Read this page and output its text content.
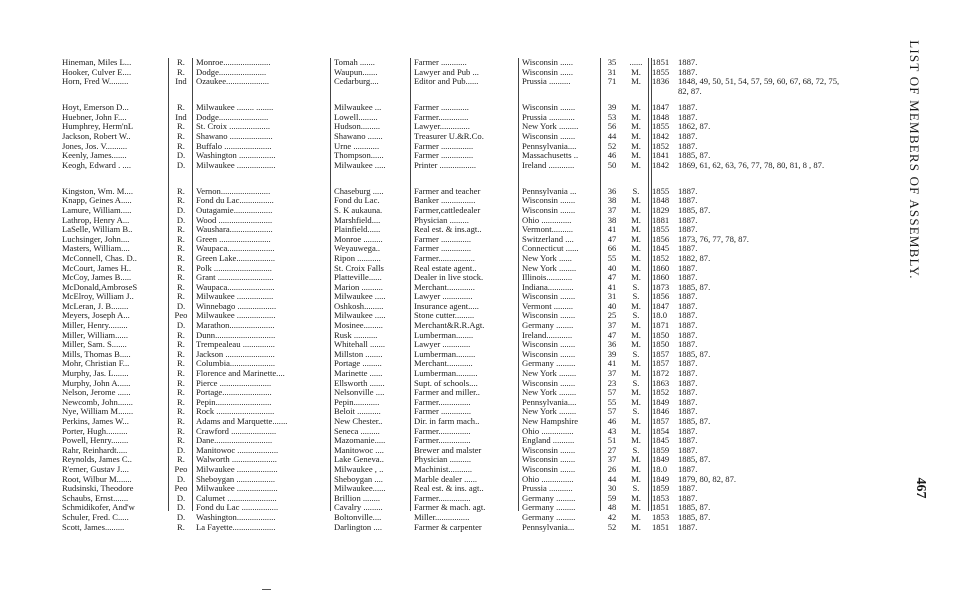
Hineman, Miles L...	R.	Monroe......................	Tomah .......	Farmer ............	Wisconsin ......	35	......	1851	1887.
Hooker, Culver E....	R.	Dodge......................	Waupun.......	Lawyer and Pub ...	Wisconsin ......	31	M.	1855	1887.
Horn, Fred W.........	Ind	Ozaukee....................	Cedarburg....	Editor and Pub......	Prussia ..........	71	M.	1836	1848, 49, 50, 51, 54, 57, 59, 60, 67, 68, 72, 75, 82, 87.
Hoyt, Emerson D...	R.	Milwaukee ........ ........	Milwaukee ...	Farmer .............	Wisconsin .......	39	M.	1847	1887.
Huebner, John F....	Ind	Dodge.......................	Lowell.........	Farmer..............	Prussia ............	53	M.	1848	1887.
Humphrey, Herm'nL	R.	St. Croix ...................	Hudson.........	Lawyer..............	New York .........	56	M.	1855	1862, 87.
Jackson, Robert W..	R.	Shawano ....................	Shawano .......	Treasurer U.&R.Co.	Wisconsin .......	44	M.	1842	1887.
Jones, Jos. V..........	R.	Buffalo ......................	Urne ............	Farmer ...............	Pennsylvania....	52	M.	1852	1887.
Keenly, James.......	D.	Washington .................	Thompson......	Farmer ...............	Massachusetts ..	46	M.	1841	1885, 87.
Keogh, Edward . ....	D.	Milwaukee ..................	Milwaukee .....	Printer .................	Ireland ............	50	M.	1842	1869, 61, 62, 63, 76, 77, 78, 80, 81, 8 , 87.
Kingston, Wm. M....	R.	Vernon.......................	Chaseburg .....	Farmer and teacher	Pennsylvania ...	36	S.	1855	1887.
Knapp, Geines A.....	R.	Fond du Lac................	Fond du Lac.	Banker ................	Wisconsin .......	38	M.	1848	1887.
Lamure, William.....	D.	Outagamie..................	S. K aukauna.	Farmer,cattledealer	Wisconsin .......	37	M.	1829	1885, 87.
Lathrop, Henry A...	D.	Wood .........................	Marshfield....	Physician .........	Ohio ..............	38	M.	1881	1887.
LaSelle, William B..	R.	Waushara....................	Plainfield......	Real est. & ins.agt..	Vermont..........	41	M.	1855	1887.
Luchsinger, John....	R.	Green ........................	Monroe .........	Farmer ..............	Switzerland ....	47	M.	1856	1873, 76, 77, 78, 87.
Masters, William....	R.	Waupaca......................	Weyauwega..	Farmer ..............	Connecticut ......	66	M.	1845	1887.
McConnell, Chas. D..	R.	Green Lake..................	Ripon ...........	Farmer.................	New York ......	55	M.	1852	1882, 87.
McCourt, James H..	R.	Polk ...........................	St. Croix Falls	Real estate agent..	New York ........	40	M.	1860	1887.
McCoy, James B.....	R.	Grant ..........................	Platteville......	Dealer in live stock.	Illinois............	47	M.	1860	1887.
McDonald,AmbroseS	R.	Waupaca......................	Marion ..........	Merchant.............	Indiana............	41	S.	1873	1885, 87.
McElroy, William J..	R.	Milwaukee .................	Milwaukee .....	Lawyer ..............	Wisconsin .......	31	S.	1856	1887.
McLeran, J. B........	D.	Winnebago ..................	Oshkosh.........	Insurance agent.....	Vermont .........	40	M.	1847	1887.
Meyers, Joseph A...	Peo Milwaukee ..................	Milwaukee .....	Stone cutter.........	Wisconsin .......	25	S.	18.0	1887.
Miller, Henry.........	D.	Marathon.....................	Mosinee.........	Merchant&R.R.Agt.	Germany ........	37	M.	1871	1887.
Miller, William......	R.	Dunn............................	Rusk ...........	Lumberman........	Ireland............	47	M.	1850	1887.
Miller, Sam. S.......	R.	Trempealeau ...............	Whitehall .......	Lawyer .............	Wisconsin .......	36	M.	1850	1887.
Mills, Thomas B.....	R.	Jackson .......................	Millston ........	Lumberman.........	Wisconsin .......	39	S.	1857	1885, 87.
Mohr, Christian F...	R.	Columbia.....................	Portage .........	Merchant............	Germany .........	41	M.	1857	1887.
Murphy, Jas. L.......	R.	Florence and Marinette....	Marinette ......	Lumberman..........	New York ........	37	M.	1872	1887.
Murphy, John A......	R.	Pierce ........................	Ellsworth .......	Supt. of schools....	Wisconsin .......	23	S.	1863	1887.
Nelson, Jerome ......	R.	Portage.......................	Nelsonville ....	Farmer and miller..	New York ........	57	M.	1852	1887.
Newcomb, John.......	R.	Pepin..........................	Pepin............	Farmer...............	Pennsylvania....	55	M.	1849	1887.
Nye, William M.......	R.	Rock ...........................	Beloit ...........	Farmer ..............	New York ........	57	S.	1846	1887.
Perkins, James W...	R.	Adams and Marquette.......	New Chester..	Dir. in farm mach..	New Hampshire	46	M.	1857	1885, 87.
Porter, Hugh..........	R.	Crawford .....................	Seneca .........	Farmer...............	Ohio ...............	43	M.	1854	1887.
Powell, Henry........	R.	Dane...........................	Mazomanie.....	Farmer...............	England ..........	51	M.	1845	1887.
Rahr, Reinhardt.....	D.	Manitowoc ...................	Manitowoc ....	Brewer and malster	Wisconsin .......	27	S.	1859	1887.
Reynolds, James C..	R.	Walworth .....................	Lake Geneva..	Physician ..........	Wisconsin .......	37	M.	1849	1885, 87.
R'emer, Gustav J....	Peo Milwaukee ...................	Milwaukee , ..	Machinist...........	Wisconsin .......	26	M.	18.0	1887.
Root, Wilbur M.......	D.	Sheboygan ..................	Sheboygan ....	Marble dealer ......	Ohio ...............	44	M.	1849	1879, 80, 82, 87.
Rudsinski, Theodore	Peo Milwaukee ...................	Milwaukee......	Real est. & ins. agt..	Prussia ...........	30	S.	1859	1887.
Schaubs, Ernst.......	D.	Calumet .......................	Brillion ........	Farmer...............	Germany .........	59	M.	1853	1887.
Schmidikofer, And'w	D.	Fond du Lac .................	Cavalry .........	Farmer & mach. agt.	Germany .........	48	M.	1851	1885, 87.
Schuler, Fred. C.....	D.	Washington..................	Boltonville....	Miller................	Germany .........	42	M.	1853	1885, 87.
Scott, James.........	R.	La Fayette....................	Darlington ....	Farmer & carpenter	Pennsylvania...	52	M.	1851	1887.
LIST OF MEMBERS OF ASSEMBLY.
467
